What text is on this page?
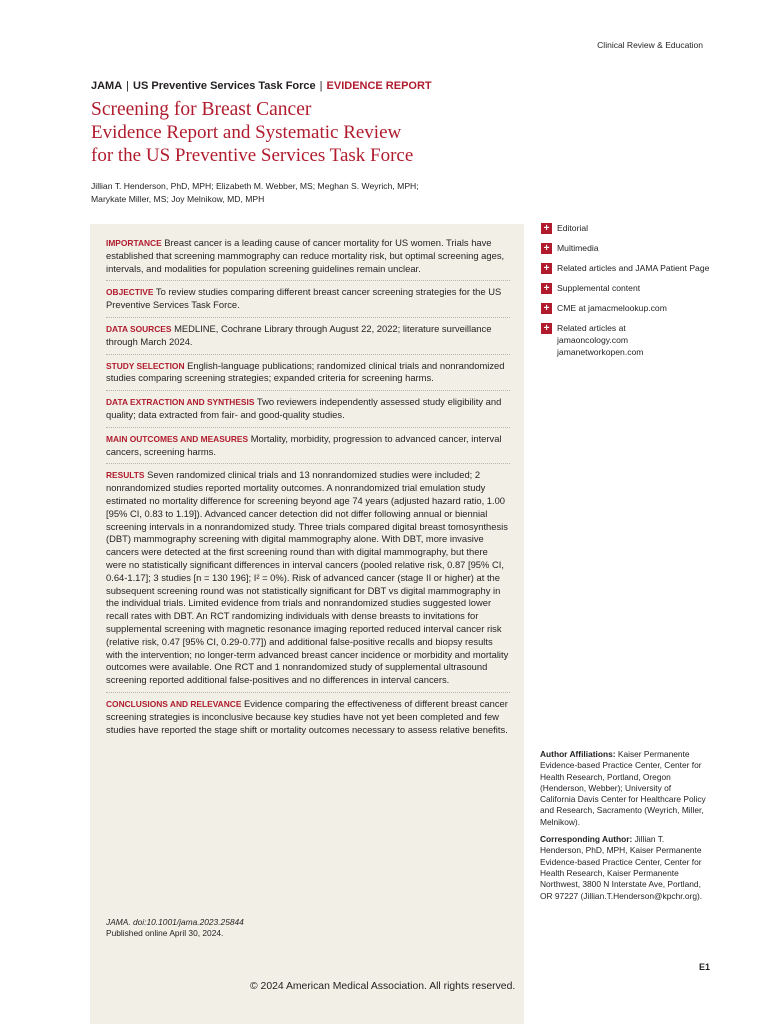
Clinical Review & Education
JAMA | US Preventive Services Task Force | EVIDENCE REPORT
Screening for Breast Cancer
Evidence Report and Systematic Review
for the US Preventive Services Task Force
Jillian T. Henderson, PhD, MPH; Elizabeth M. Webber, MS; Meghan S. Weyrich, MPH;
Marykate Miller, MS; Joy Melnikow, MD, MPH

IMPORTANCE Breast cancer is a leading cause of cancer mortality for US women. Trials have established that screening mammography can reduce mortality risk, but optimal screening ages, intervals, and modalities for population screening guidelines remain unclear.

OBJECTIVE To review studies comparing different breast cancer screening strategies for the US Preventive Services Task Force.

DATA SOURCES MEDLINE, Cochrane Library through August 22, 2022; literature surveillance through March 2024.

STUDY SELECTION English-language publications; randomized clinical trials and nonrandomized studies comparing screening strategies; expanded criteria for screening harms.

DATA EXTRACTION AND SYNTHESIS Two reviewers independently assessed study eligibility and quality; data extracted from fair- and good-quality studies.

MAIN OUTCOMES AND MEASURES Mortality, morbidity, progression to advanced cancer, interval cancers, screening harms.

RESULTS Seven randomized clinical trials and 13 nonrandomized studies were included; 2 nonrandomized studies reported mortality outcomes. A nonrandomized trial emulation study estimated no mortality difference for screening beyond age 74 years (adjusted hazard ratio, 1.00 [95% CI, 0.83 to 1.19]). Advanced cancer detection did not differ following annual or biennial screening intervals in a nonrandomized study. Three trials compared digital breast tomosynthesis (DBT) mammography screening with digital mammography alone. With DBT, more invasive cancers were detected at the first screening round than with digital mammography, but there were no statistically significant differences in interval cancers (pooled relative risk, 0.87 [95% CI, 0.64-1.17]; 3 studies [n = 130 196]; I² = 0%). Risk of advanced cancer (stage II or higher) at the subsequent screening round was not statistically significant for DBT vs digital mammography in the individual trials. Limited evidence from trials and nonrandomized studies suggested lower recall rates with DBT. An RCT randomizing individuals with dense breasts to invitations for supplemental screening with magnetic resonance imaging reported reduced interval cancer risk (relative risk, 0.47 [95% CI, 0.29-0.77]) and additional false-positive recalls and biopsy results with the intervention; no longer-term advanced breast cancer incidence or morbidity and mortality outcomes were available. One RCT and 1 nonrandomized study of supplemental ultrasound screening reported additional false-positives and no differences in interval cancers.

CONCLUSIONS AND RELEVANCE Evidence comparing the effectiveness of different breast cancer screening strategies is inconclusive because key studies have not yet been completed and few studies have reported the stage shift or mortality outcomes necessary to assess relative benefits.

JAMA. doi:10.1001/jama.2023.25844
Published online April 30, 2024.
+ Editorial
+ Multimedia
+ Related articles and JAMA Patient Page
+ Supplemental content
+ CME at jamacmelookup.com
+ Related articles at
jamaoncology.com
jamanetworkopen.com

Author Affiliations: Kaiser Permanente Evidence-based Practice Center, Center for Health Research, Portland, Oregon (Henderson, Webber); University of California Davis Center for Healthcare Policy and Research, Sacramento (Weyrich, Miller, Melnikow).

Corresponding Author: Jillian T. Henderson, PhD, MPH, Kaiser Permanente Evidence-based Practice Center, Center for Health Research, Kaiser Permanente Northwest, 3800 N Interstate Ave, Portland, OR 97227 (Jillian.T.Henderson@kpchr.org).

E1
© 2024 American Medical Association. All rights reserved.
